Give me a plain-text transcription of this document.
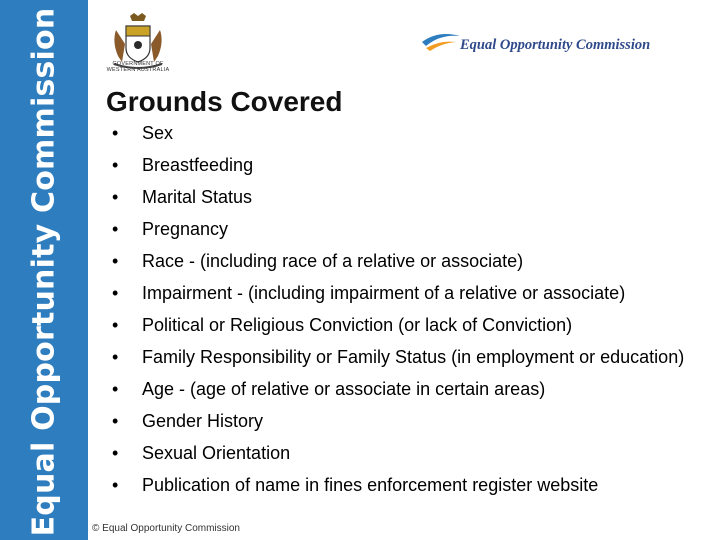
Equal Opportunity Commission	GOVERNMENT OF WESTERN AUSTRALIA
Equal Opportunity Commission
Grounds Covered
•	Sex
•	Breastfeeding
•	Marital Status
•	Pregnancy
•	Race - (including race of a relative or associate)
•	Impairment - (including impairment of a relative or associate)
•	Political or Religious Conviction (or lack of Conviction)
•	Family Responsibility or Family Status (in employment or education)
•	Age - (age of relative or associate in certain areas)
•	Gender History
•	Sexual Orientation
•	Publication of name in fines enforcement register website
© Equal Opportunity Commission
